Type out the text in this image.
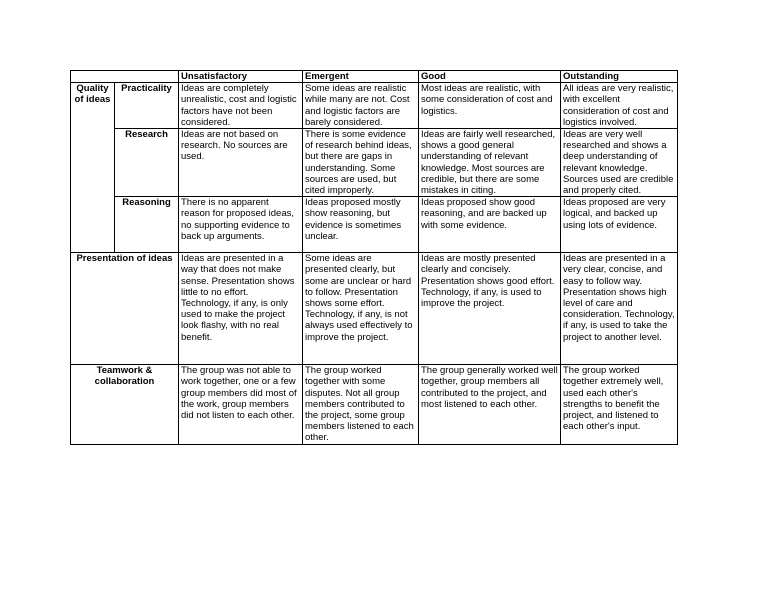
		Unsatisfactory	Emergent	Good	Outstanding
Quality of ideas	Practicality	Ideas are completely unrealistic, cost and logistic factors have not been considered.	Some ideas are realistic while many are not. Cost and logistic factors are barely considered.	Most ideas are realistic, with some consideration of cost and logistics.	All ideas are very realistic, with excellent consideration of cost and logistics involved.
	Research	Ideas are not based on research. No sources are used.	There is some evidence of research behind ideas, but there are gaps in understanding. Some sources are used, but cited improperly.	Ideas are fairly well researched, shows a good general understanding of relevant knowledge. Most sources are credible, but there are some mistakes in citing.	Ideas are very well researched and shows a deep understanding of relevant knowledge. Sources used are credible and properly cited.
	Reasoning	There is no apparent reason for proposed ideas, no supporting evidence to back up arguments.	Ideas proposed mostly show reasoning, but evidence is sometimes unclear.	Ideas proposed show good reasoning, and are backed up with some evidence.	Ideas proposed are very logical, and backed up using lots of evidence.
Presentation of ideas		Ideas are presented in a way that does not make sense. Presentation shows little to no effort. Technology, if any, is only used to make the project look flashy, with no real benefit.	Some ideas are presented clearly, but some are unclear or hard to follow. Presentation shows some effort. Technology, if any, is not always used effectively to improve the project.	Ideas are mostly presented clearly and concisely. Presentation shows good effort. Technology, if any, is used to improve the project.	Ideas are presented in a very clear, concise, and easy to follow way. Presentation shows high level of care and consideration. Technology, if any, is used to take the project to another level.
Teamwork & collaboration		The group was not able to work together, one or a few group members did most of the work, group members did not listen to each other.	The group worked together with some disputes. Not all group members contributed to the project, some group members listened to each other.	The group generally worked well together, group members all contributed to the project, and most listened to each other.	The group worked together extremely well, used each other's strengths to benefit the project, and listened to each other's input.
